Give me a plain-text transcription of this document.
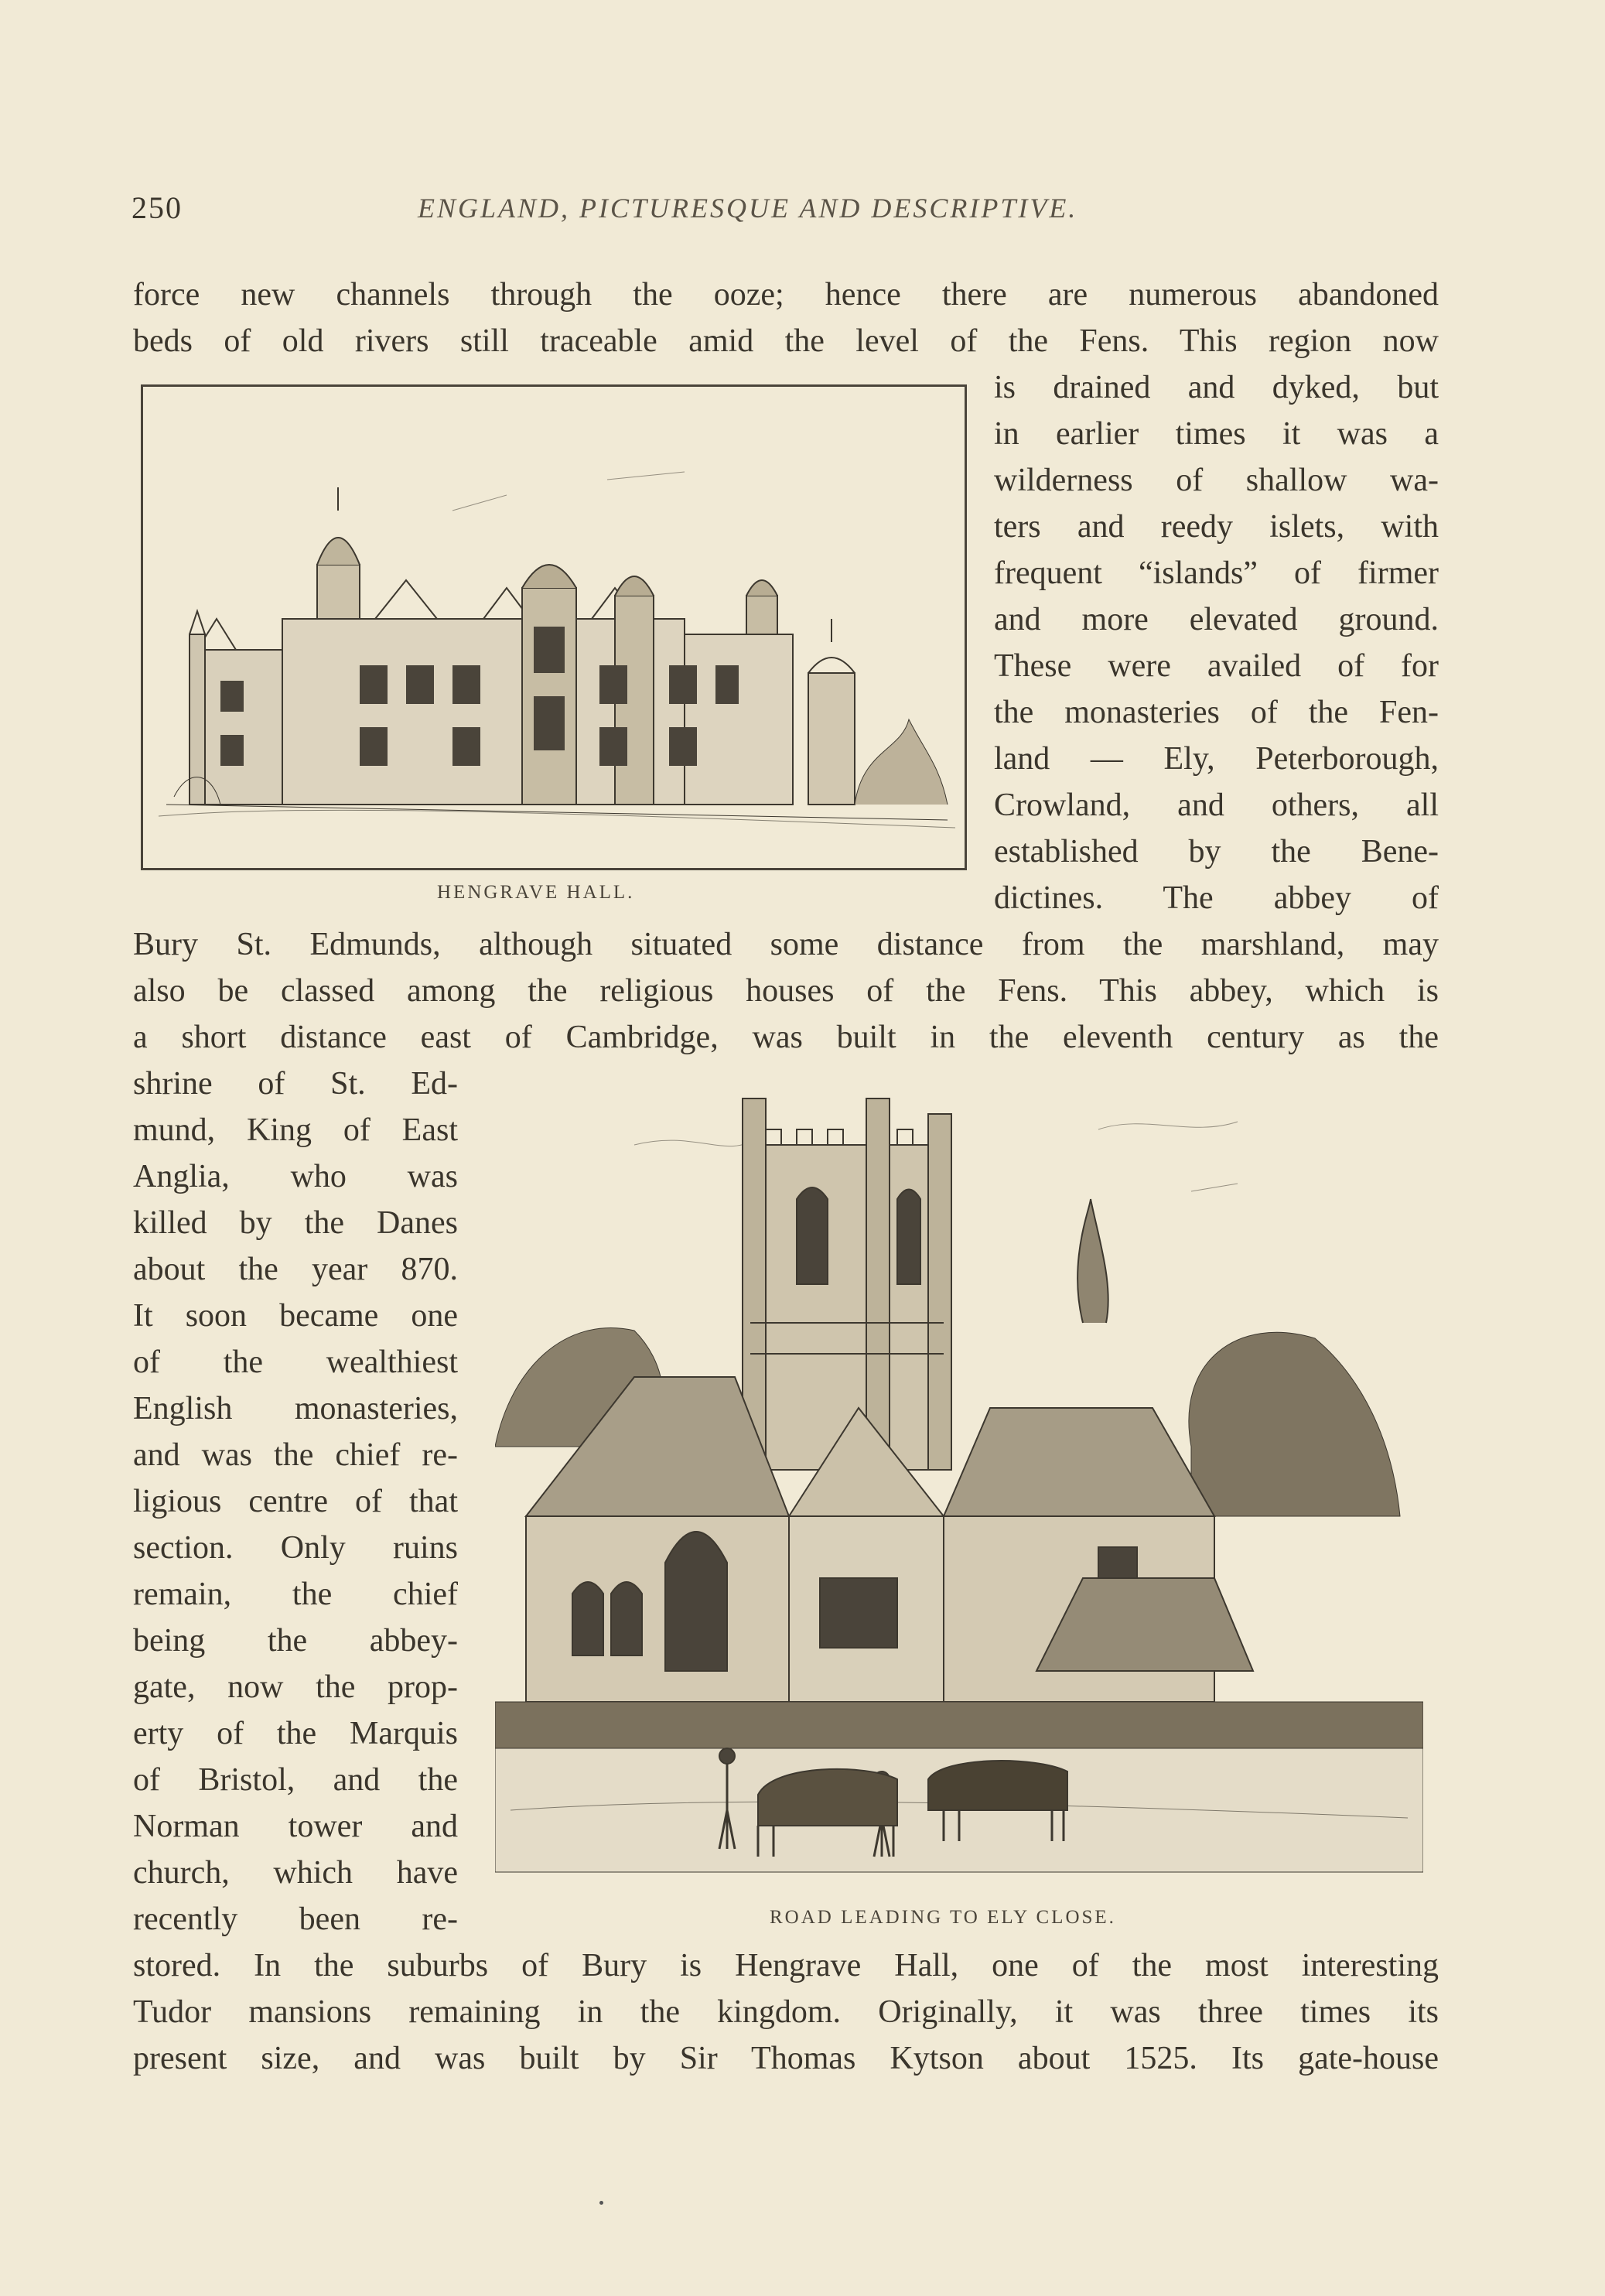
250	ENGLAND, PICTURESQUE AND DESCRIPTIVE.
force new channels through the ooze; hence there are numerous abandoned
beds of old rivers still traceable amid the level of the Fens. This region now
HENGRAVE HALL.
is drained and dyked, but
in earlier times it was a
wilderness of shallow wa-
ters and reedy islets, with
frequent “islands” of firmer
and more elevated ground.
These were availed of for
the monasteries of the Fen-
land — Ely, Peterborough,
Crowland, and others, all
established by the Bene-
dictines. The abbey of
Bury St. Edmunds, although situated some distance from the marshland, may
also be classed among the religious houses of the Fens. This abbey, which is
a short distance east of Cambridge, was built in the eleventh century as the
shrine of St. Ed-
mund, King of East
Anglia, who was
killed by the Danes
about the year 870.
It soon became one
of the wealthiest
English monasteries,
and was the chief re-
ligious centre of that
section. Only ruins
remain, the chief
being the abbey-
gate, now the prop-
erty of the Marquis
of Bristol, and the
Norman tower and
church, which have
recently been re-	ROAD LEADING TO ELY CLOSE.
stored. In the suburbs of Bury is Hengrave Hall, one of the most interesting
Tudor mansions remaining in the kingdom. Originally, it was three times its
present size, and was built by Sir Thomas Kytson about 1525. Its gate-house
